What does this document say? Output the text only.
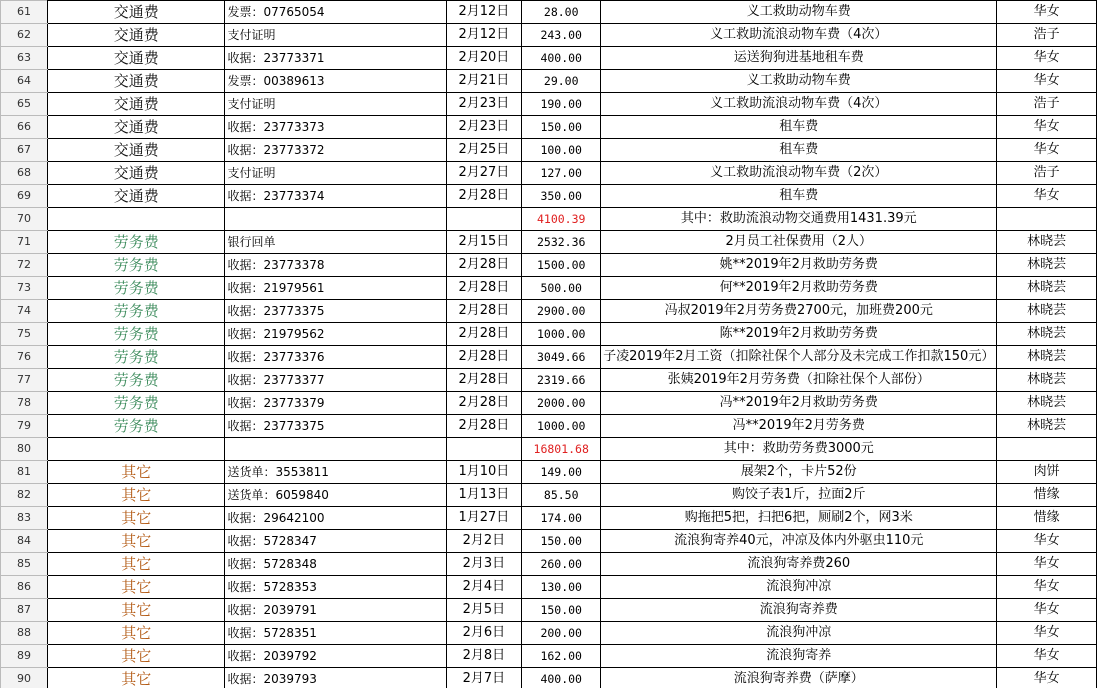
61	交通费	发票：07765054	2月12日	28.00	义工救助动物车费	华女
62	交通费	支付证明	2月12日	243.00	义工救助流浪动物车费（4次）	浩子
63	交通费	收据：23773371	2月20日	400.00	运送狗狗进基地租车费	华女
64	交通费	发票：00389613	2月21日	29.00	义工救助动物车费	华女
65	交通费	支付证明	2月23日	190.00	义工救助流浪动物车费（4次）	浩子
66	交通费	收据：23773373	2月23日	150.00	租车费	华女
67	交通费	收据：23773372	2月25日	100.00	租车费	华女
68	交通费	支付证明	2月27日	127.00	义工救助流浪动物车费（2次）	浩子
69	交通费	收据：23773374	2月28日	350.00	租车费	华女
70				4100.39	其中：救助流浪动物交通费用1431.39元	
71	劳务费	银行回单	2月15日	2532.36	2月员工社保费用（2人）	林晓芸
72	劳务费	收据：23773378	2月28日	1500.00	姚**2019年2月救助劳务费	林晓芸
73	劳务费	收据：21979561	2月28日	500.00	何**2019年2月救助劳务费	林晓芸
74	劳务费	收据：23773375	2月28日	2900.00	冯叔2019年2月劳务费2700元，加班费200元	林晓芸
75	劳务费	收据：21979562	2月28日	1000.00	陈**2019年2月救助劳务费	林晓芸
76	劳务费	收据：23773376	2月28日	3049.66	子凌2019年2月工资（扣除社保个人部分及未完成工作扣款150元）	林晓芸
77	劳务费	收据：23773377	2月28日	2319.66	张姨2019年2月劳务费（扣除社保个人部份）	林晓芸
78	劳务费	收据：23773379	2月28日	2000.00	冯**2019年2月救助劳务费	林晓芸
79	劳务费	收据：23773375	2月28日	1000.00	冯**2019年2月劳务费	林晓芸
80				16801.68	其中：救助劳务费3000元	
81	其它	送货单：3553811	1月10日	149.00	展架2个，卡片52份	肉饼
82	其它	送货单：6059840	1月13日	85.50	购饺子表1斤，拉面2斤	惜缘
83	其它	收据：29642100	1月27日	174.00	购拖把5把，扫把6把，厕刷2个，网3米	惜缘
84	其它	收据：5728347	2月2日	150.00	流浪狗寄养40元，冲凉及体内外驱虫110元	华女
85	其它	收据：5728348	2月3日	260.00	流浪狗寄养费260	华女
86	其它	收据：5728353	2月4日	130.00	流浪狗冲凉	华女
87	其它	收据：2039791	2月5日	150.00	流浪狗寄养费	华女
88	其它	收据：5728351	2月6日	200.00	流浪狗冲凉	华女
89	其它	收据：2039792	2月8日	162.00	流浪狗寄养	华女
90	其它	收据：2039793	2月7日	400.00	流浪狗寄养费（萨摩）	华女
